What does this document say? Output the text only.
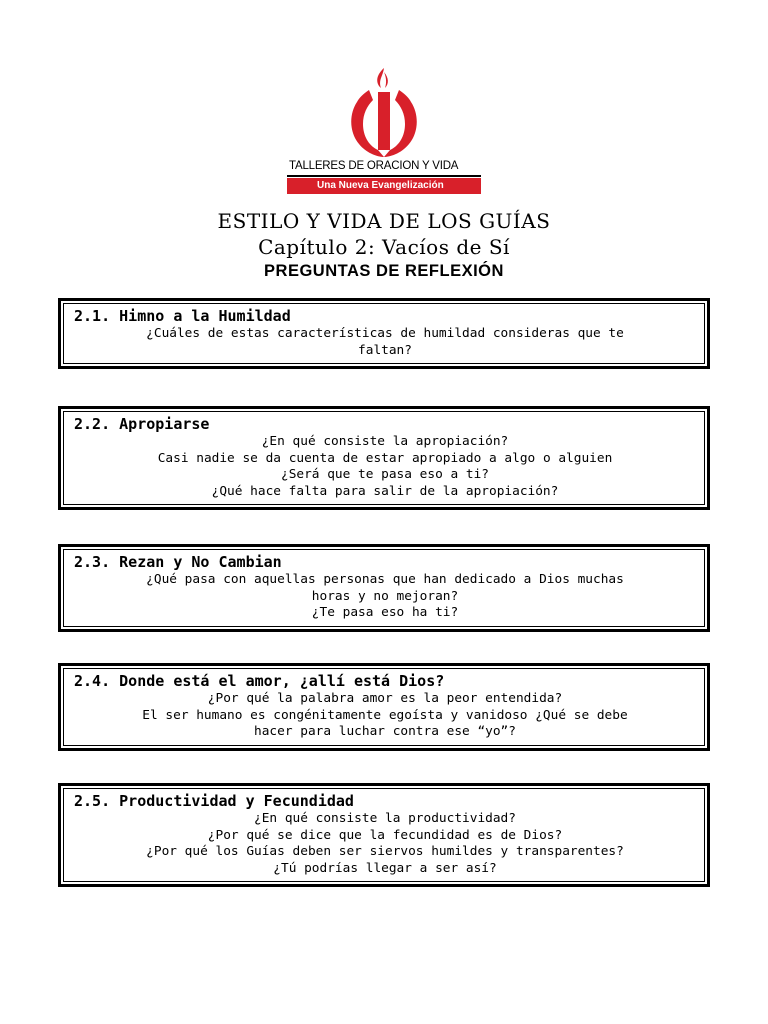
TALLERES DE ORACION Y VIDA
Una Nueva Evangelización
ESTILO Y VIDA DE LOS GUÍAS
Capítulo 2: Vacíos de Sí
PREGUNTAS DE REFLEXIÓN
2.1. Himno a la Humildad
¿Cuáles de estas características de humildad consideras que te
faltan?
2.2. Apropiarse
¿En qué consiste la apropiación?
Casi nadie se da cuenta de estar apropiado a algo o alguien
¿Será que te pasa eso a ti?
¿Qué hace falta para salir de la apropiación?
2.3. Rezan y No Cambian
¿Qué pasa con aquellas personas que han dedicado a Dios muchas
horas y no mejoran?
¿Te pasa eso ha ti?
2.4. Donde está el amor, ¿allí está Dios?
¿Por qué la palabra amor es la peor entendida?
El ser humano es congénitamente egoísta y vanidoso ¿Qué se debe
hacer para luchar contra ese “yo”?
2.5. Productividad y Fecundidad
¿En qué consiste la productividad?
¿Por qué se dice que la fecundidad es de Dios?
¿Por qué los Guías deben ser siervos humildes y transparentes?
¿Tú podrías llegar a ser así?
